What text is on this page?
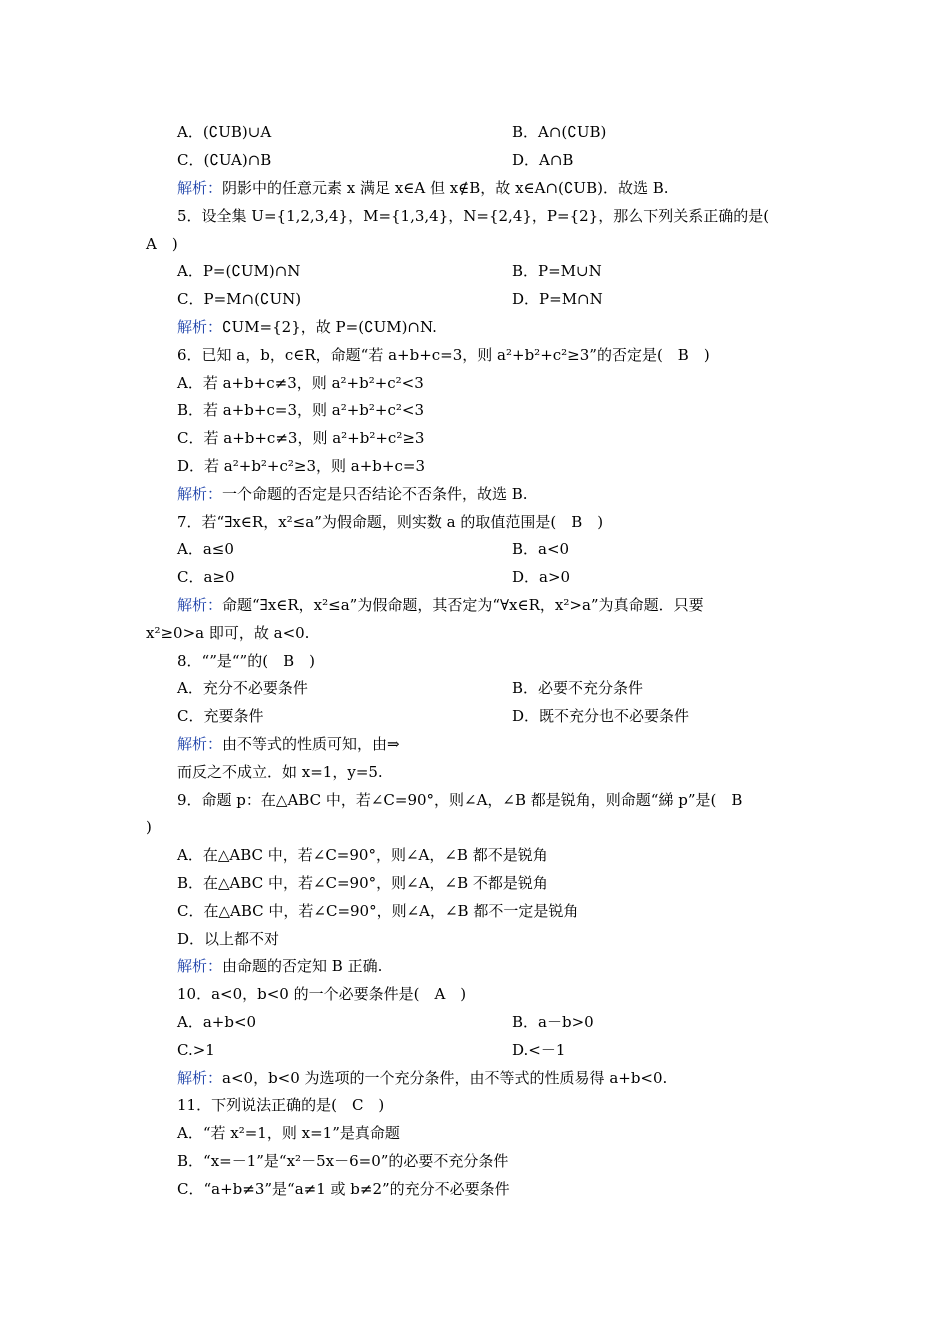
A．(∁UB)∪A	B．A∩(∁UB)
C．(∁UA)∩B	D．A∩B
解析：阴影中的任意元素 x 满足 x∈A 但 x∉B，故 x∈A∩(∁UB)．故选 B.
5．设全集 U={1,2,3,4}，M={1,3,4}，N={2,4}，P={2}，那么下列关系正确的是(
A　)
A．P=(∁UM)∩N	B．P=M∪N
C．P=M∩(∁UN)	D．P=M∩N
解析：∁UM={2}，故 P=(∁UM)∩N.
6．已知 a，b，c∈R，命题“若 a+b+c=3，则 a²+b²+c²≥3”的否定是(　B　)
A．若 a+b+c≠3，则 a²+b²+c²<3
B．若 a+b+c=3，则 a²+b²+c²<3
C．若 a+b+c≠3，则 a²+b²+c²≥3
D．若 a²+b²+c²≥3，则 a+b+c=3
解析：一个命题的否定是只否结论不否条件，故选 B.
7．若“∃x∈R，x²≤a”为假命题，则实数 a 的取值范围是(　B　)
A．a≤0	B．a<0
C．a≥0	D．a>0
解析：命题“∃x∈R，x²≤a”为假命题，其否定为“∀x∈R，x²>a”为真命题．只要
x²≥0>a 即可，故 a<0.
8．“”是“”的(　B　)
A．充分不必要条件	B．必要不充分条件
C．充要条件	D．既不充分也不必要条件
解析：由不等式的性质可知，由⇒
而反之不成立．如 x=1，y=5.
9．命题 p：在△ABC 中，若∠C=90°，则∠A，∠B 都是锐角，则命题“綈 p”是(　B
)
A．在△ABC 中，若∠C=90°，则∠A，∠B 都不是锐角
B．在△ABC 中，若∠C=90°，则∠A，∠B 不都是锐角
C．在△ABC 中，若∠C=90°，则∠A，∠B 都不一定是锐角
D．以上都不对
解析：由命题的否定知 B 正确.
10．a<0，b<0 的一个必要条件是(　A　)
A．a+b<0	B．a－b>0
C.>1	D.<－1
解析：a<0，b<0 为选项的一个充分条件，由不等式的性质易得 a+b<0.
11．下列说法正确的是(　C　)
A．“若 x²=1，则 x=1”是真命题
B．“x=－1”是“x²－5x－6=0”的必要不充分条件
C．“a+b≠3”是“a≠1 或 b≠2”的充分不必要条件
